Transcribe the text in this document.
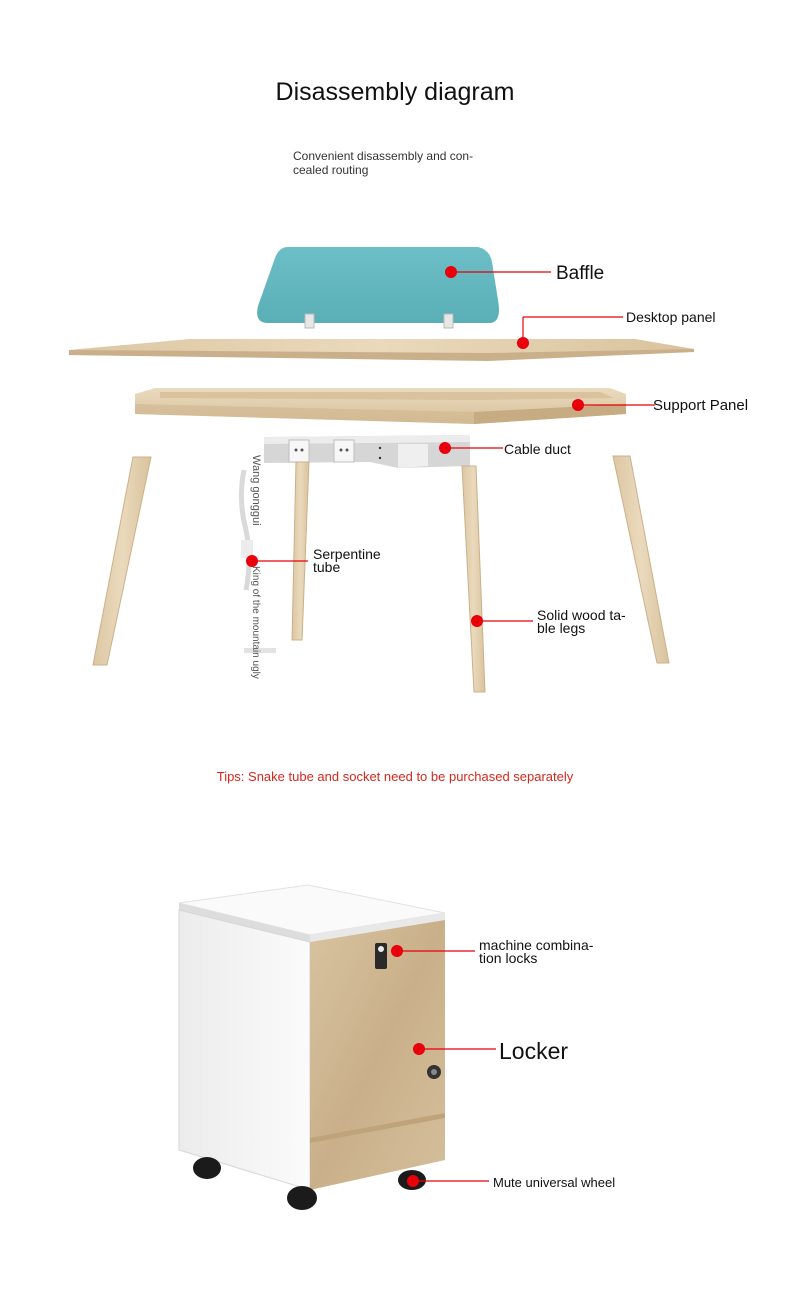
Disassembly diagram
Convenient disassembly and con-
cealed routing
Baffle
Desktop panel
Support Panel
Cable duct
Serpentine
tube
Solid wood ta-
ble legs
Wang gonggui
King of the mountain ugly
Tips: Snake tube and socket need to be purchased separately
machine combina-
tion locks
Locker
Mute universal wheel
